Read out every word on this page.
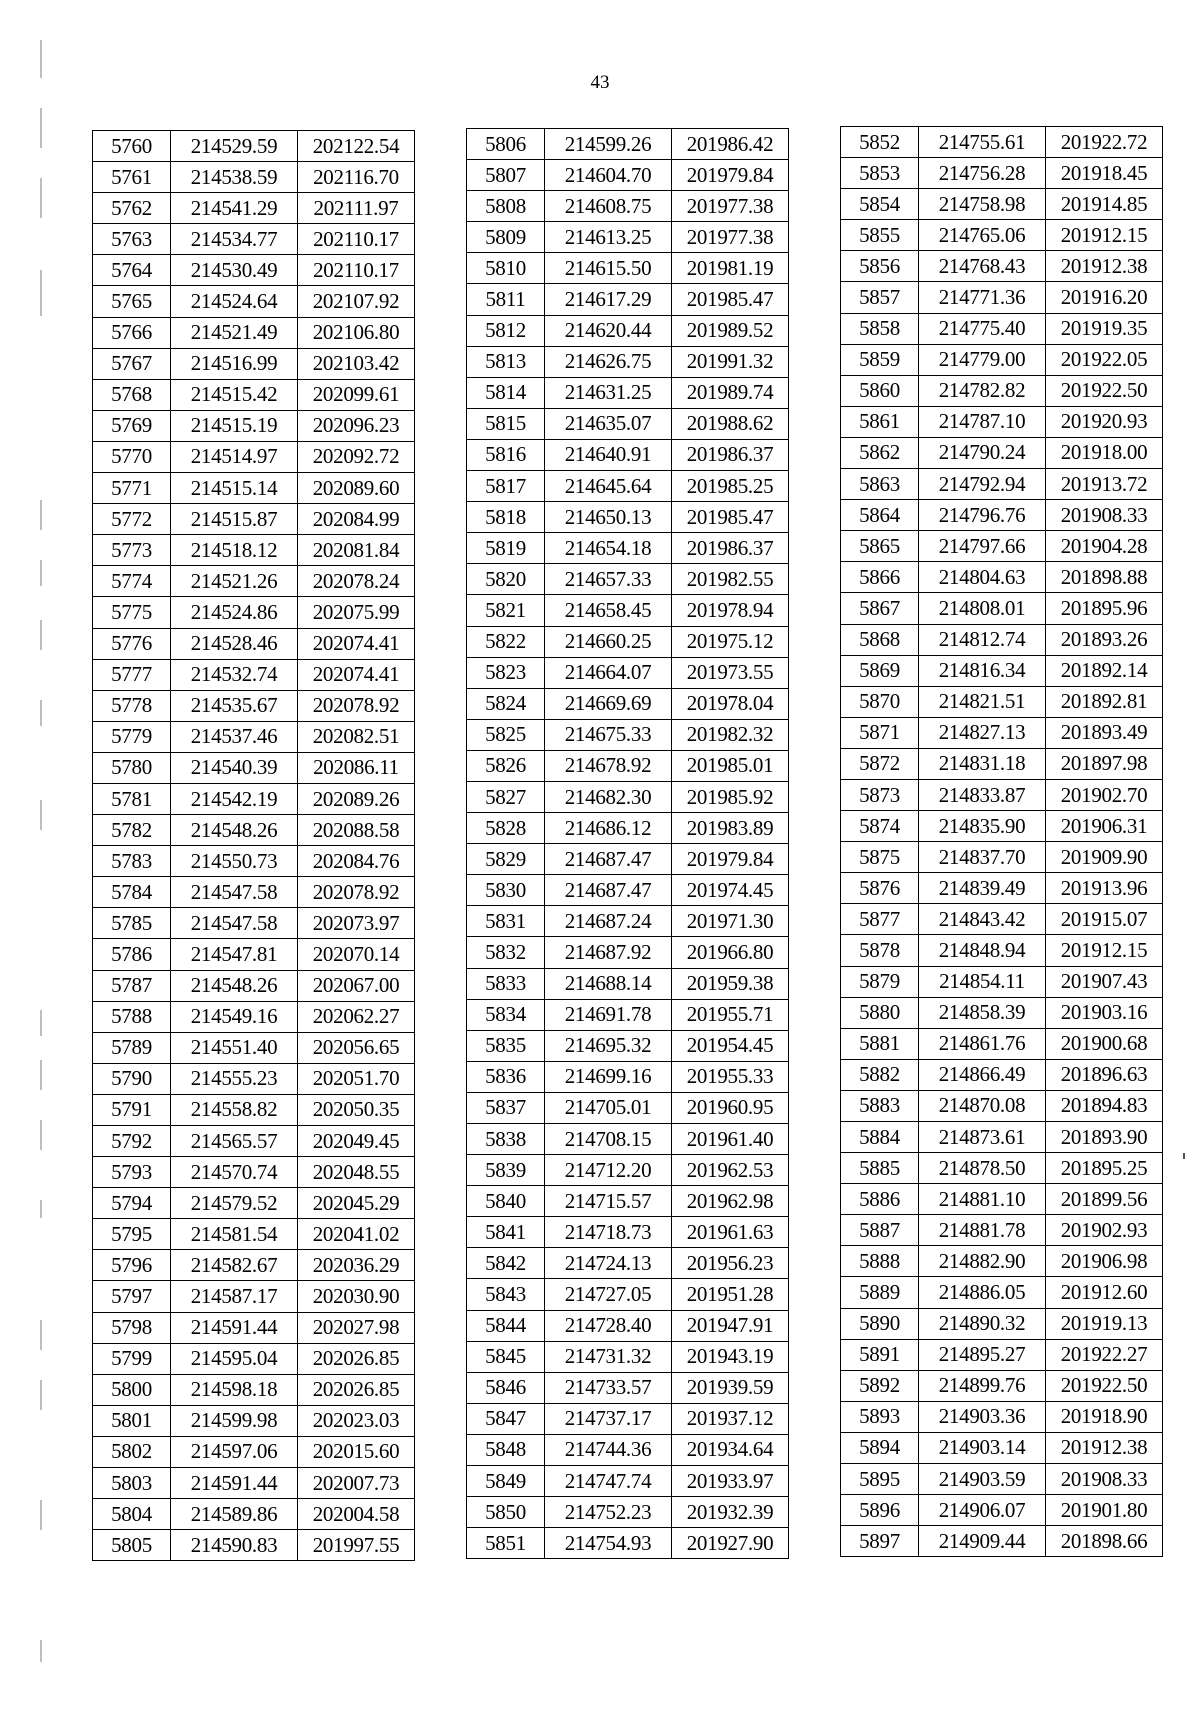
43
5760	214529.59	202122.54
5761	214538.59	202116.70
5762	214541.29	202111.97
5763	214534.77	202110.17
5764	214530.49	202110.17
5765	214524.64	202107.92
5766	214521.49	202106.80
5767	214516.99	202103.42
5768	214515.42	202099.61
5769	214515.19	202096.23
5770	214514.97	202092.72
5771	214515.14	202089.60
5772	214515.87	202084.99
5773	214518.12	202081.84
5774	214521.26	202078.24
5775	214524.86	202075.99
5776	214528.46	202074.41
5777	214532.74	202074.41
5778	214535.67	202078.92
5779	214537.46	202082.51
5780	214540.39	202086.11
5781	214542.19	202089.26
5782	214548.26	202088.58
5783	214550.73	202084.76
5784	214547.58	202078.92
5785	214547.58	202073.97
5786	214547.81	202070.14
5787	214548.26	202067.00
5788	214549.16	202062.27
5789	214551.40	202056.65
5790	214555.23	202051.70
5791	214558.82	202050.35
5792	214565.57	202049.45
5793	214570.74	202048.55
5794	214579.52	202045.29
5795	214581.54	202041.02
5796	214582.67	202036.29
5797	214587.17	202030.90
5798	214591.44	202027.98
5799	214595.04	202026.85
5800	214598.18	202026.85
5801	214599.98	202023.03
5802	214597.06	202015.60
5803	214591.44	202007.73
5804	214589.86	202004.58
5805	214590.83	201997.55
5806	214599.26	201986.42
5807	214604.70	201979.84
5808	214608.75	201977.38
5809	214613.25	201977.38
5810	214615.50	201981.19
5811	214617.29	201985.47
5812	214620.44	201989.52
5813	214626.75	201991.32
5814	214631.25	201989.74
5815	214635.07	201988.62
5816	214640.91	201986.37
5817	214645.64	201985.25
5818	214650.13	201985.47
5819	214654.18	201986.37
5820	214657.33	201982.55
5821	214658.45	201978.94
5822	214660.25	201975.12
5823	214664.07	201973.55
5824	214669.69	201978.04
5825	214675.33	201982.32
5826	214678.92	201985.01
5827	214682.30	201985.92
5828	214686.12	201983.89
5829	214687.47	201979.84
5830	214687.47	201974.45
5831	214687.24	201971.30
5832	214687.92	201966.80
5833	214688.14	201959.38
5834	214691.78	201955.71
5835	214695.32	201954.45
5836	214699.16	201955.33
5837	214705.01	201960.95
5838	214708.15	201961.40
5839	214712.20	201962.53
5840	214715.57	201962.98
5841	214718.73	201961.63
5842	214724.13	201956.23
5843	214727.05	201951.28
5844	214728.40	201947.91
5845	214731.32	201943.19
5846	214733.57	201939.59
5847	214737.17	201937.12
5848	214744.36	201934.64
5849	214747.74	201933.97
5850	214752.23	201932.39
5851	214754.93	201927.90
5852	214755.61	201922.72
5853	214756.28	201918.45
5854	214758.98	201914.85
5855	214765.06	201912.15
5856	214768.43	201912.38
5857	214771.36	201916.20
5858	214775.40	201919.35
5859	214779.00	201922.05
5860	214782.82	201922.50
5861	214787.10	201920.93
5862	214790.24	201918.00
5863	214792.94	201913.72
5864	214796.76	201908.33
5865	214797.66	201904.28
5866	214804.63	201898.88
5867	214808.01	201895.96
5868	214812.74	201893.26
5869	214816.34	201892.14
5870	214821.51	201892.81
5871	214827.13	201893.49
5872	214831.18	201897.98
5873	214833.87	201902.70
5874	214835.90	201906.31
5875	214837.70	201909.90
5876	214839.49	201913.96
5877	214843.42	201915.07
5878	214848.94	201912.15
5879	214854.11	201907.43
5880	214858.39	201903.16
5881	214861.76	201900.68
5882	214866.49	201896.63
5883	214870.08	201894.83
5884	214873.61	201893.90
5885	214878.50	201895.25
5886	214881.10	201899.56
5887	214881.78	201902.93
5888	214882.90	201906.98
5889	214886.05	201912.60
5890	214890.32	201919.13
5891	214895.27	201922.27
5892	214899.76	201922.50
5893	214903.36	201918.90
5894	214903.14	201912.38
5895	214903.59	201908.33
5896	214906.07	201901.80
5897	214909.44	201898.66
